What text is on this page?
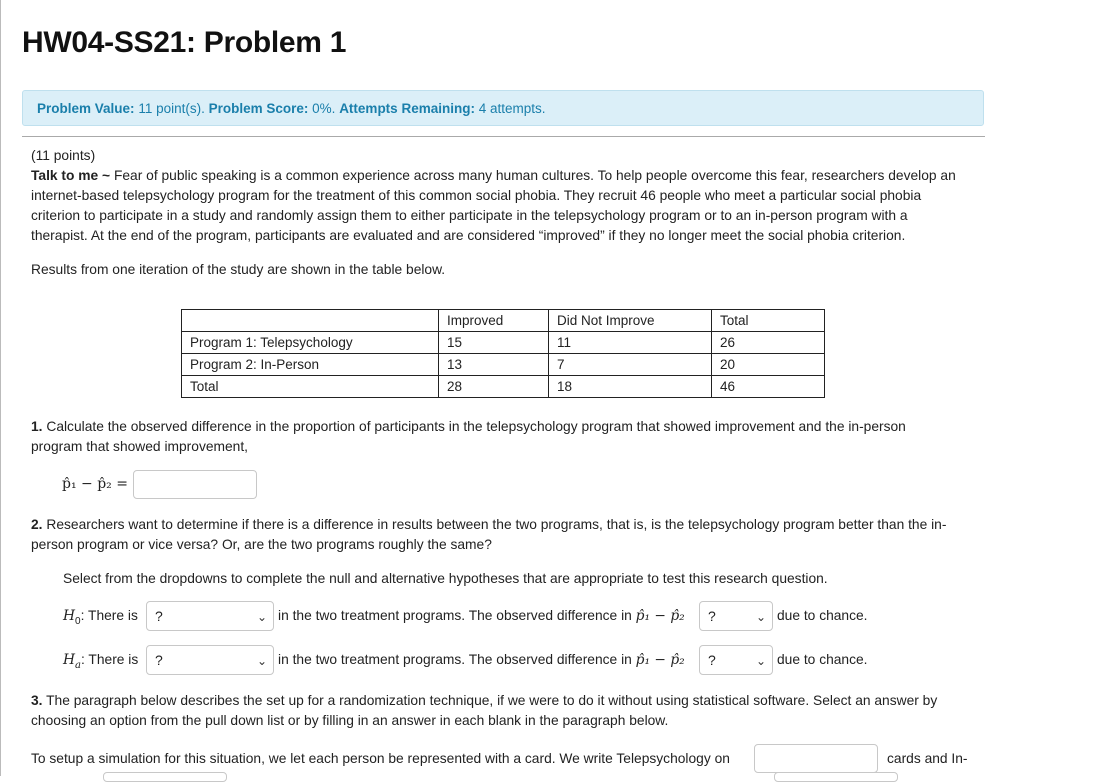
HW04-SS21: Problem 1
Problem Value: 11 point(s). Problem Score: 0%. Attempts Remaining: 4 attempts.
(11 points)
Talk to me ~ Fear of public speaking is a common experience across many human cultures. To help people overcome this fear, researchers develop an
internet-based telepsychology program for the treatment of this common social phobia. They recruit 46 people who meet a particular social phobia
criterion to participate in a study and randomly assign them to either participate in the telepsychology program or to an in-person program with a
therapist. At the end of the program, participants are evaluated and are considered “improved” if they no longer meet the social phobia criterion.
Results from one iteration of the study are shown in the table below.
	Improved	Did Not Improve	Total
Program 1: Telepsychology	15	11	26
Program 2: In-Person	13	7	20
Total	28	18	46
1. Calculate the observed difference in the proportion of participants in the telepsychology program that showed improvement and the in-person
program that showed improvement,
p̂₁ − p̂₂ =
2. Researchers want to determine if there is a difference in results between the two programs, that is, is the telepsychology program better than the in-
person program or vice versa? Or, are the two programs roughly the same?
Select from the dropdowns to complete the null and alternative hypotheses that are appropriate to test this research question.
$H_0$: There is	?	⌄ in the two treatment programs. The observed difference in p̂₁ − p̂₂	?	⌄ due to chance.
$H_a$: There is	?	⌄ in the two treatment programs. The observed difference in p̂₁ − p̂₂	?	⌄ due to chance.
3. The paragraph below describes the set up for a randomization technique, if we were to do it without using statistical software. Select an answer by
choosing an option from the pull down list or by filling in an answer in each blank in the paragraph below.
To setup a simulation for this situation, we let each person be represented with a card. We write Telepsychology on	cards and In-
